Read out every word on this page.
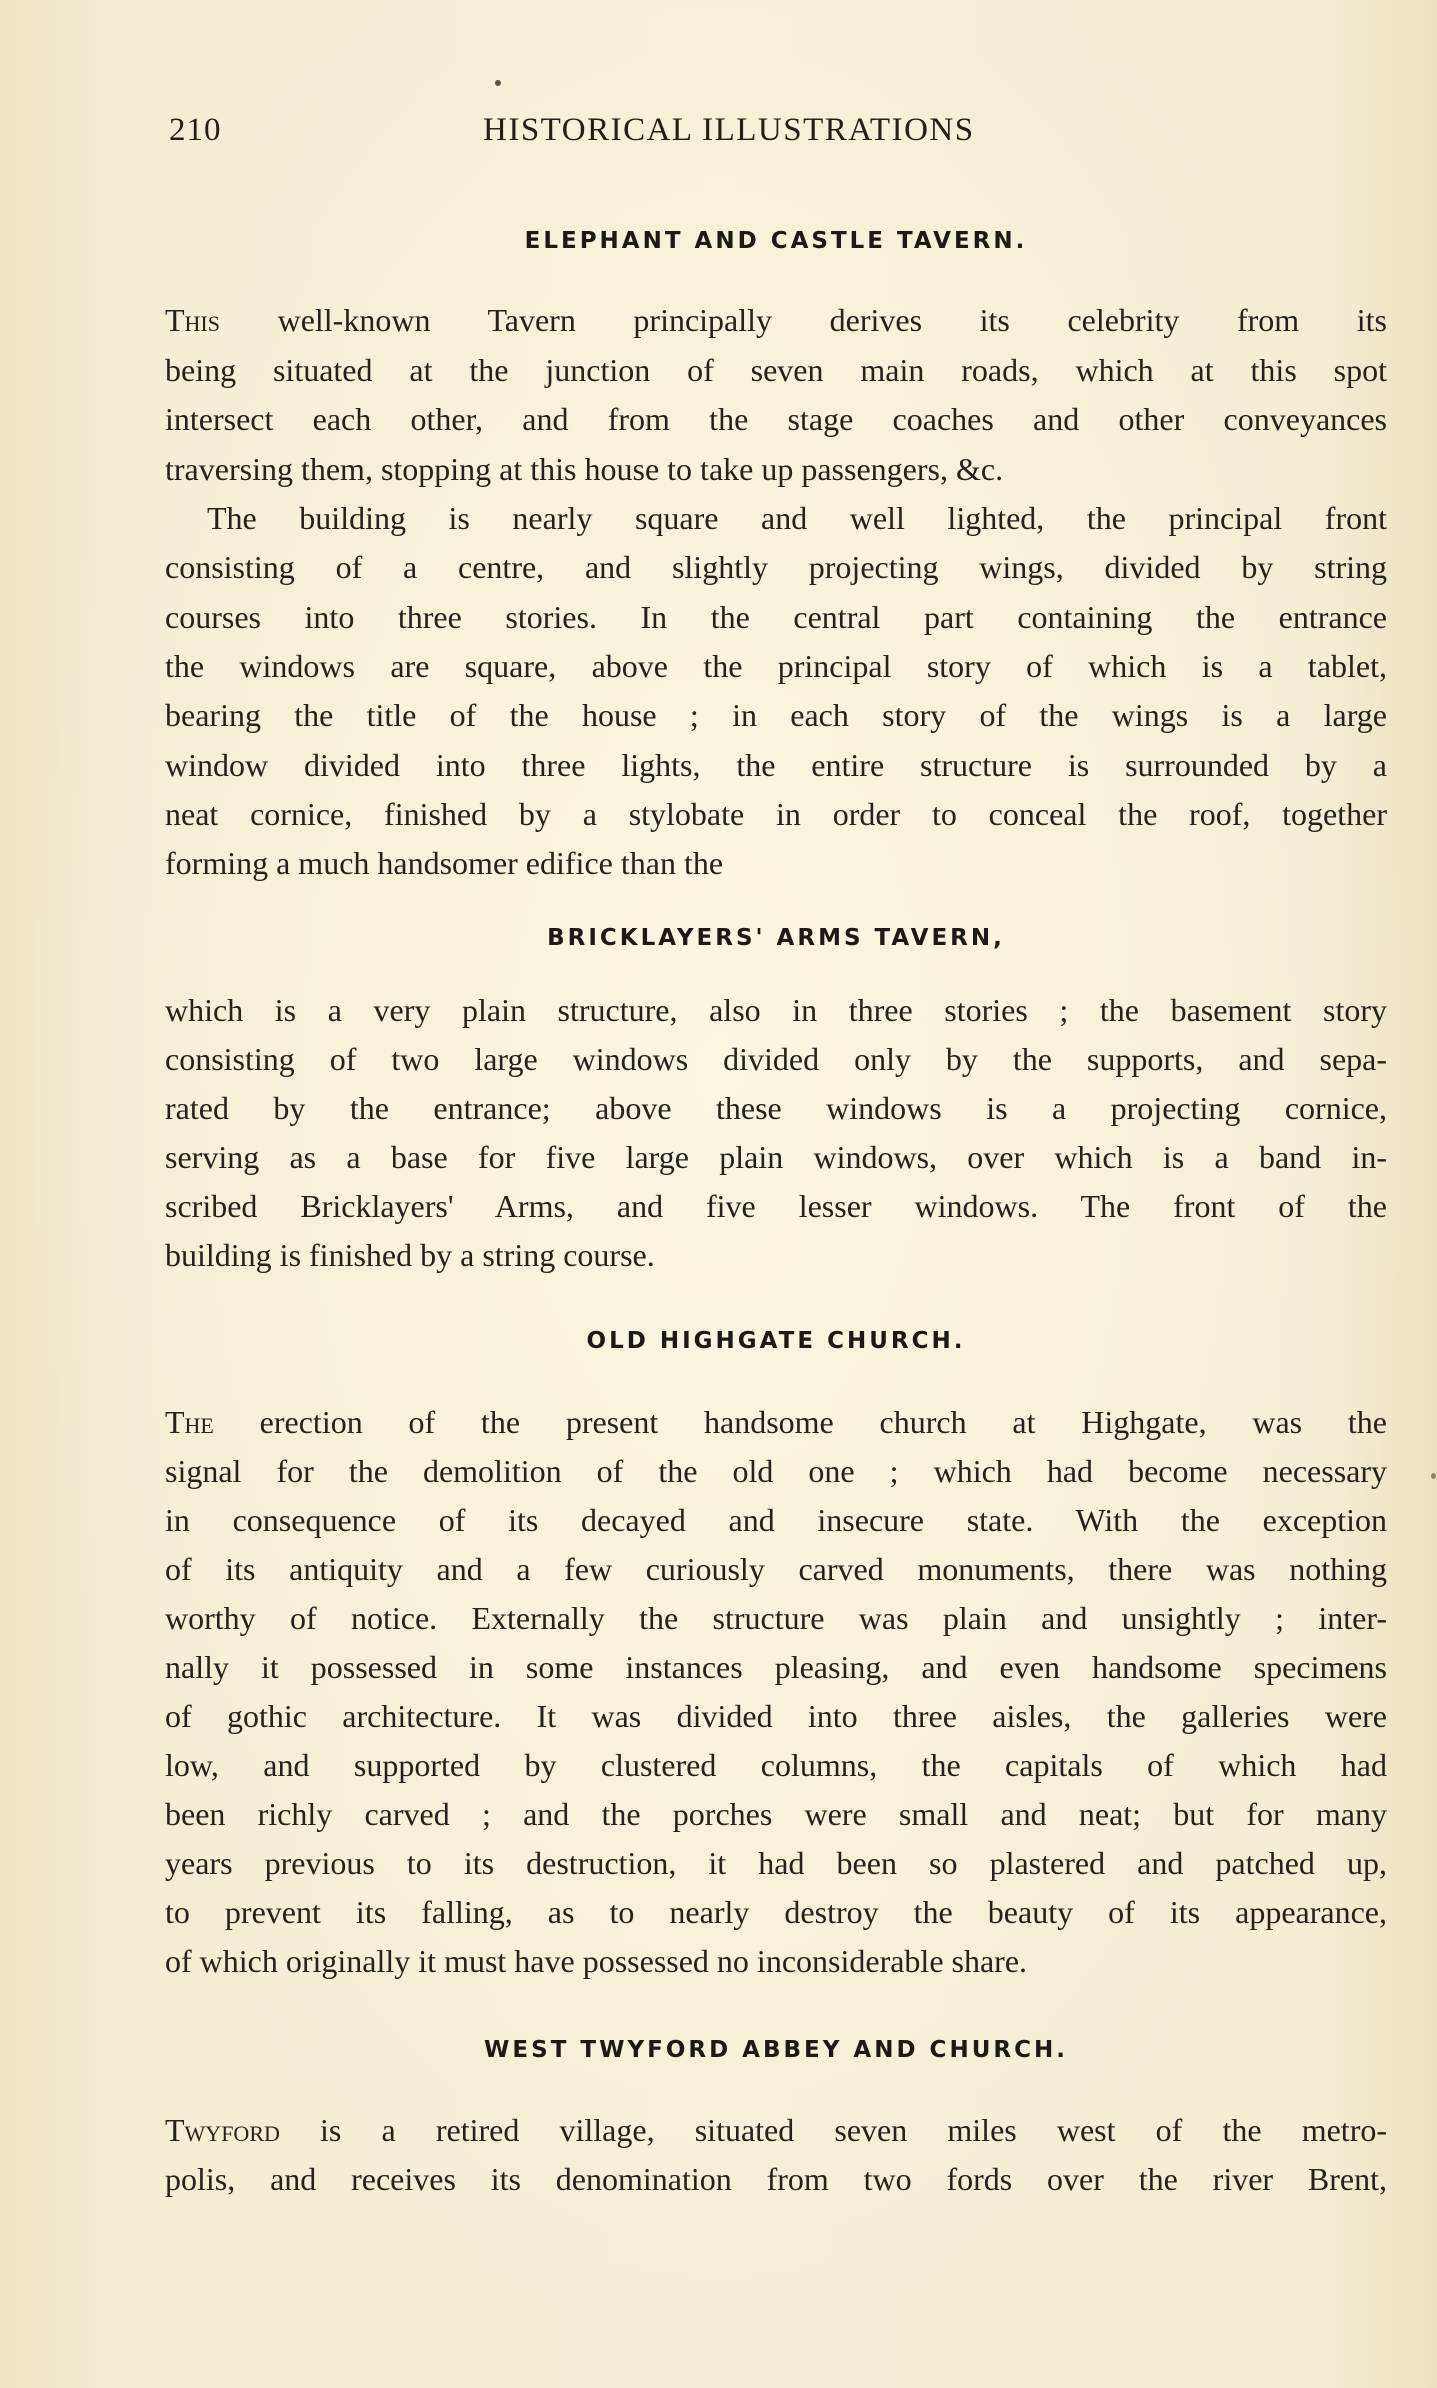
210	HISTORICAL ILLUSTRATIONS
ELEPHANT AND CASTLE TAVERN.
This well-known Tavern principally derives its celebrity from its
being situated at the junction of seven main roads, which at this spot
intersect each other, and from the stage coaches and other conveyances
traversing them, stopping at this house to take up passengers, &c.
The building is nearly square and well lighted, the principal front
consisting of a centre, and slightly projecting wings, divided by string
courses into three stories. In the central part containing the entrance
the windows are square, above the principal story of which is a tablet,
bearing the title of the house ; in each story of the wings is a large
window divided into three lights, the entire structure is surrounded by a
neat cornice, finished by a stylobate in order to conceal the roof, together
forming a much handsomer edifice than the
BRICKLAYERS' ARMS TAVERN,
which is a very plain structure, also in three stories ; the basement story
consisting of two large windows divided only by the supports, and sepa-
rated by the entrance; above these windows is a projecting cornice,
serving as a base for five large plain windows, over which is a band in-
scribed Bricklayers' Arms, and five lesser windows. The front of the
building is finished by a string course.
OLD HIGHGATE CHURCH.
The erection of the present handsome church at Highgate, was the
signal for the demolition of the old one ; which had become necessary
in consequence of its decayed and insecure state. With the exception
of its antiquity and a few curiously carved monuments, there was nothing
worthy of notice. Externally the structure was plain and unsightly ; inter-
nally it possessed in some instances pleasing, and even handsome specimens
of gothic architecture. It was divided into three aisles, the galleries were
low, and supported by clustered columns, the capitals of which had
been richly carved ; and the porches were small and neat; but for many
years previous to its destruction, it had been so plastered and patched up,
to prevent its falling, as to nearly destroy the beauty of its appearance,
of which originally it must have possessed no inconsiderable share.
WEST TWYFORD ABBEY AND CHURCH.
Twyford is a retired village, situated seven miles west of the metro-
polis, and receives its denomination from two fords over the river Brent,
